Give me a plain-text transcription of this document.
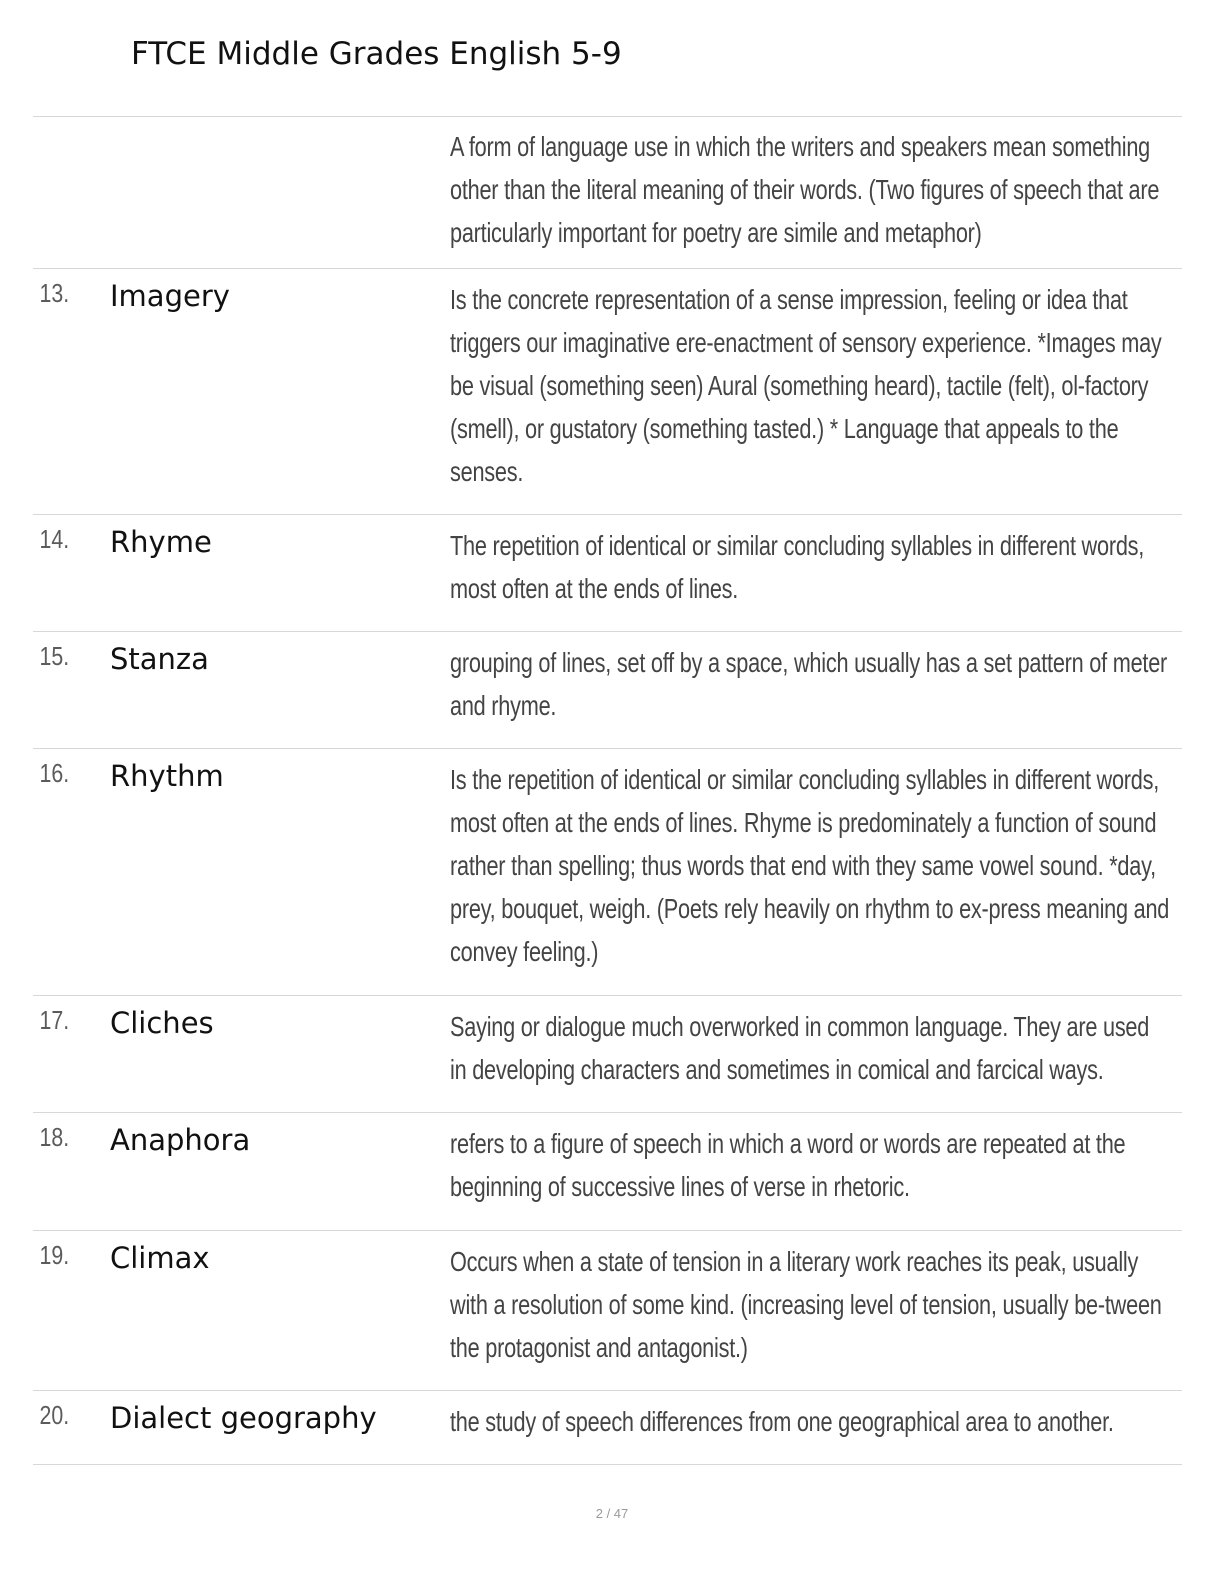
FTCE Middle Grades English 5-9
A form of language use in which the writers and speakers mean something other than the literal meaning of their words. (Two figures of speech that are particularly important for poetry are simile and metaphor)
13.	Imagery	Is the concrete representation of a sense impression, feeling or idea that triggers our imaginative ere-enactment of sensory experience. *Images may be visual (something seen) Aural (something heard), tactile (felt), ol-factory (smell), or gustatory (something tasted.) * Language that appeals to the senses.
14.	Rhyme	The repetition of identical or similar concluding syllables in different words, most often at the ends of lines.
15.	Stanza	grouping of lines, set off by a space, which usually has a set pattern of meter and rhyme.
16.	Rhythm	Is the repetition of identical or similar concluding syllables in different words, most often at the ends of lines. Rhyme is predominately a function of sound rather than spelling; thus words that end with they same vowel sound. *day, prey, bouquet, weigh. (Poets rely heavily on rhythm to ex-press meaning and convey feeling.)
17.	Cliches	Saying or dialogue much overworked in common language. They are used in developing characters and sometimes in comical and farcical ways.
18.	Anaphora	refers to a figure of speech in which a word or words are repeated at the beginning of successive lines of verse in rhetoric.
19.	Climax	Occurs when a state of tension in a literary work reaches its peak, usually with a resolution of some kind. (increasing level of tension, usually be-tween the protagonist and antagonist.)
20.	Dialect geography	the study of speech differences from one geographical area to another.
2 / 47
